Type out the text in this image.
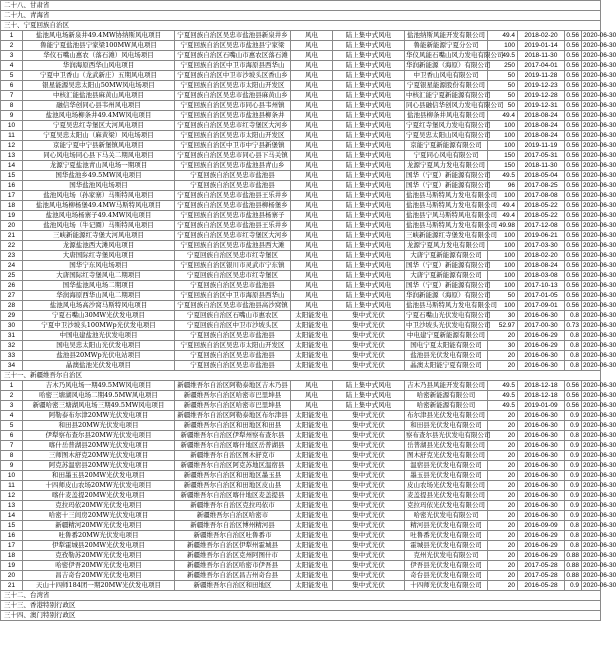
二十八、甘肃省									
二十九、青海省									
三十、宁夏回族自治区									
1	盐池风电场新泉井49.4MW协纳斯风电项目	宁夏回族自治区吴忠市盐池县新泉井乡	风电	陆上集中式风电	盐池纳斯风能开发有限公司	49.4	2018-02-20	0.56	2020-06-30
2	鲁能宁夏盐池县宁家梁100MW风电项目	宁夏回族自治区吴忠市盐池县宁家梁	风电	陆上集中式风电	鲁能新能源宁夏分公司	100	2019-01-14	0.56	2020-06-30
3	华仪石嘴山惠农（落石滩）风电场项目	宁夏回族自治区石嘴山市惠农区落石滩	风电	陆上集中式风电	华仪风能石嘴山风力发电有限公司	49.5	2018-11-30	0.56	2020-06-30
4	华润海原西华山风电项目	宁夏回族自治区中卫市海原县西华山	风电	陆上集中式风电	华润新能源（海原）有限公司	250	2017-04-01	0.56	2020-06-30
5	宁夏中卫香山（龙武新庄）五期风电项目	宁夏回族自治区中卫市沙坡头区香山乡	风电	陆上集中式风电	中卫香山风电有限公司	50	2019-11-28	0.56	2020-06-30
6	银星能源吴忠太阳山50MW风电场项目	宁夏回族自治区吴忠市太阳山开发区	风电	陆上集中式风电	宁夏银星能源股份有限公司	50	2019-12-23	0.56	2020-06-30
7	中核汇能盐池县麻黄山风电项目	宁夏回族自治区吴忠市盐池县麻黄山乡	风电	陆上集中式风电	中核汇能宁夏新能源有限公司	50	2019-12-28	0.56	2020-06-30
8	融信华创同心县韦州风电项目	宁夏回族自治区吴忠市同心县韦州镇	风电	陆上集中式风电	同心县融信华创风力发电有限公司	50	2019-12-31	0.56	2020-06-30
9	盐池风电场柳条井49.4MW风电项目	宁夏回族自治区吴忠市盐池县柳条井	风电	陆上集中式风电	盐池县柳条井风电有限公司	49.4	2018-08-24	0.56	2020-06-30
10	宁夏吴忠红寺堡区大河风电项目	宁夏回族自治区吴忠市红寺堡区大河乡	风电	陆上集中式风电	宁夏红寺堡风力发电有限公司	100	2018-08-24	0.56	2020-06-30
11	宁夏吴忠太阳山（麻黄梁）风电场项目	宁夏回族自治区吴忠市太阳山开发区	风电	陆上集中式风电	宁夏吴忠太阳山风电有限公司	100	2018-08-24	0.56	2020-06-30
12	京能宁夏中宁县新堡镇风电项目	宁夏回族自治区中卫市中宁县新堡镇	风电	陆上集中式风电	京能宁夏新能源有限公司	100	2019-11-19	0.56	2020-06-30
13	同心风电场同心县下马关二期风电项目	宁夏回族自治区吴忠市同心县下马关镇	风电	陆上集中式风电	宁夏同心风电有限公司	150	2017-05-31	0.56	2020-06-30
14	龙源宁夏盐池青山风电场一期项目	宁夏回族自治区吴忠市盐池县青山乡	风电	陆上集中式风电	龙源宁夏风力发电有限公司	150	2018-11-30	0.56	2020-06-30
15	国华盐池乡49.5MW风电项目	宁夏回族自治区吴忠市盐池县	风电	陆上集中式风电	国华（宁夏）新能源有限公司	49.5	2018-05-04	0.56	2020-06-30
16	国华盐池风电场项目	宁夏回族自治区吴忠市盐池县	风电	陆上集中式风电	国华（宁夏）新能源有限公司	96	2017-08-25	0.56	2020-06-30
17	盐池风电场（孙家寨）马斯特风电项目	宁夏回族自治区吴忠市盐池县王乐井乡	风电	陆上集中式风电	盐池县马斯特风力发电有限公司	100	2017-08-08	0.56	2020-06-30
18	盐池风电场柳杨堡49.4MW马斯特风电项目	宁夏回族自治区吴忠市盐池县柳杨堡乡	风电	陆上集中式风电	盐池县马斯特风力发电有限公司	49.4	2018-05-22	0.56	2020-06-30
19	盐池风电场杨寨子49.4MW风电项目	宁夏回族自治区吴忠市盐池县杨寨子	风电	陆上集中式风电	盐池县宁风马斯特风电有限公司	49.4	2018-05-22	0.56	2020-06-30
20	盐池风电场（牛记圈）马斯特风电项目	宁夏回族自治区吴忠市盐池县王乐井乡	风电	陆上集中式风电	盐池县马斯特风力发电有限公司	49.98	2017-12-08	0.56	2020-06-30
21	三峡新能源红寺堡大河风电项目	宁夏回族自治区吴忠市红寺堡区大河乡	风电	陆上集中式风电	三峡新能源红寺堡发电有限公司	100	2019-06-21	0.56	2020-06-30
22	龙源盐池西大滩风电项目	宁夏回族自治区吴忠市盐池县西大滩	风电	陆上集中式风电	龙源宁夏风力发电有限公司	100	2017-03-30	0.56	2020-06-30
23	大唐国际红寺堡风电项目	宁夏回族自治区吴忠市红寺堡区	风电	陆上集中式风电	大唐宁夏新能源有限公司	100	2018-02-20	0.56	2020-06-30
24	国华宁东风电场项目	宁夏回族自治区银川市灵武市宁东镇	风电	陆上集中式风电	国华（宁夏）新能源有限公司	100	2018-08-24	0.56	2020-06-30
25	大唐国际红寺堡风电二期项目	宁夏回族自治区吴忠市红寺堡区	风电	陆上集中式风电	大唐宁夏新能源有限公司	100	2018-03-08	0.56	2020-06-30
26	国华盐池风电场二期项目	宁夏回族自治区吴忠市盐池县	风电	陆上集中式风电	国华（宁夏）新能源有限公司	100	2017-10-13	0.56	2020-06-30
27	华润海原西华山风电二期项目	宁夏回族自治区中卫市海原县西华山	风电	陆上集中式风电	华润新能源（海原）有限公司	50	2017-01-05	0.56	2020-06-30
28	盐池风电场高沙窝马斯特风电项目	宁夏回族自治区吴忠市盐池县高沙窝镇	风电	陆上集中式风电	盐池县马斯特风力发电有限公司	100	2017-09-01	0.56	2020-06-30
29	宁夏石嘴山30MW光伏发电项目	宁夏回族自治区石嘴山市惠农区	太阳能发电	集中式光伏	宁夏石嘴山光伏发电有限公司	30	2016-06-30	0.8	2020-06-30
30	宁夏中卫沙坡头100MWp光伏发电项目	宁夏回族自治区中卫市沙坡头区	太阳能发电	集中式光伏	中卫沙坡头光伏发电有限公司	52.97	2017-00-30	0.73	2020-06-30
31	中国电建盐池光伏发电项目	宁夏回族自治区吴忠市盐池县	太阳能发电	集中式光伏	中电建宁夏新能源有限公司	20	2016-06-29	0.8	2020-06-30
32	国电吴忠太阳山光伏发电项目	宁夏回族自治区吴忠市太阳山开发区	太阳能发电	集中式光伏	国电宁夏太阳能有限公司	30	2016-06-29	0.8	2020-06-30
33	盐池县20MWp光伏电站项目	宁夏回族自治区吴忠市盐池县	太阳能发电	集中式光伏	盐池县光伏发电有限公司	20	2016-06-30	0.8	2020-06-30
34	晶澳盐池光伏发电项目	宁夏回族自治区吴忠市盐池县	太阳能发电	集中式光伏	晶澳太阳能宁夏有限公司	20	2016-06-30	0.8	2020-06-30
三十一、新疆维吾尔自治区									
1	吉木乃风电场一期49.5MW风电项目	新疆维吾尔自治区阿勒泰地区吉木乃县	风电	陆上集中式风电	吉木乃县风能开发有限公司	49.5	2018-12-18	0.56	2020-06-30
2	哈密三塘湖风电场二期49.5MW风电项目	新疆维吾尔自治区哈密市巴里坤县	风电	陆上集中式风电	哈密新能源有限公司	49.5	2018-12-18	0.56	2020-06-30
3	新疆哈密三塘湖风电场三期49.5MW风电项目	新疆维吾尔自治区哈密市巴里坤县	风电	陆上集中式风电	哈密新能源有限公司	49.5	2019-01-09	0.56	2020-06-30
4	阿勒泰布尔津20MW光伏发电项目	新疆维吾尔自治区阿勒泰地区布尔津县	太阳能发电	集中式光伏	布尔津县光伏发电有限公司	20	2016-06-30	0.9	2020-06-30
5	和田县20MW光伏发电项目	新疆维吾尔自治区和田地区和田县	太阳能发电	集中式光伏	和田县光伏发电有限公司	20	2016-06-30	0.9	2020-06-30
6	伊犁察布查尔县20MW光伏发电项目	新疆维吾尔自治区伊犁州察布查尔县	太阳能发电	集中式光伏	察布查尔县光伏发电有限公司	20	2016-06-30	0.8	2020-06-30
7	喀什岳普湖县20MW光伏发电项目	新疆维吾尔自治区喀什地区岳普湖县	太阳能发电	集中式光伏	岳普湖县光伏发电有限公司	20	2016-06-30	0.9	2020-06-30
8	三师图木舒克20MW光伏发电项目	新疆维吾尔自治区图木舒克市	太阳能发电	集中式光伏	图木舒克光伏发电有限公司	20	2016-06-30	0.9	2020-06-30
9	阿克苏温宿县20MW光伏发电项目	新疆维吾尔自治区阿克苏地区温宿县	太阳能发电	集中式光伏	温宿县光伏发电有限公司	20	2016-06-30	0.9	2020-06-30
10	和田墨玉县20MW光伏发电项目	新疆维吾尔自治区和田地区墨玉县	太阳能发电	集中式光伏	墨玉县光伏发电有限公司	20	2016-06-30	0.9	2020-06-30
11	十四师皮山农场20MW光伏发电项目	新疆维吾尔自治区和田地区皮山县	太阳能发电	集中式光伏	皮山农场光伏发电有限公司	20	2016-06-30	0.9	2020-06-30
12	喀什麦盖提20MW光伏发电项目	新疆维吾尔自治区喀什地区麦盖提县	太阳能发电	集中式光伏	麦盖提县光伏发电有限公司	20	2016-06-30	0.9	2020-06-30
13	克拉玛依20MW光伏发电项目	新疆维吾尔自治区克拉玛依市	太阳能发电	集中式光伏	克拉玛依光伏发电有限公司	20	2016-06-30	0.9	2020-06-30
14	哈密十三间房20MW光伏发电项目	新疆维吾尔自治区哈密市	太阳能发电	集中式光伏	哈密光伏发电有限公司	20	2016-06-30	0.9	2020-06-30
15	新疆精河20MW光伏发电项目	新疆维吾尔自治区博州精河县	太阳能发电	集中式光伏	精河县光伏发电有限公司	20	2016-09-09	0.8	2020-06-30
16	吐鲁番20MW光伏发电项目	新疆维吾尔自治区吐鲁番市	太阳能发电	集中式光伏	吐鲁番光伏发电有限公司	20	2016-06-29	0.8	2020-06-30
17	伊犁霍城县20MW光伏发电项目	新疆维吾尔自治区伊犁州霍城县	太阳能发电	集中式光伏	霍城县光伏发电有限公司	20	2016-06-29	0.8	2020-06-30
18	克孜勒苏20MW光伏发电项目	新疆维吾尔自治区克州阿图什市	太阳能发电	集中式光伏	克州光伏发电有限公司	20	2016-06-29	0.88	2020-06-30
19	哈密伊吾20MW光伏发电项目	新疆维吾尔自治区哈密市伊吾县	太阳能发电	集中式光伏	伊吾县光伏发电有限公司	20	2017-05-28	0.88	2020-06-30
20	昌吉奇台20MW光伏发电项目	新疆维吾尔自治区昌吉州奇台县	太阳能发电	集中式光伏	奇台县光伏发电有限公司	20	2017-05-28	0.88	2020-06-30
21	天山十四师184团一期20MW光伏发电项目	新疆维吾尔自治区和田地区	太阳能发电	集中式光伏	十四师光伏发电有限公司	20	2016-05-28	0.9	2020-06-30
三十二、台湾省									
三十三、香港特别行政区									
三十四、澳门特别行政区									
